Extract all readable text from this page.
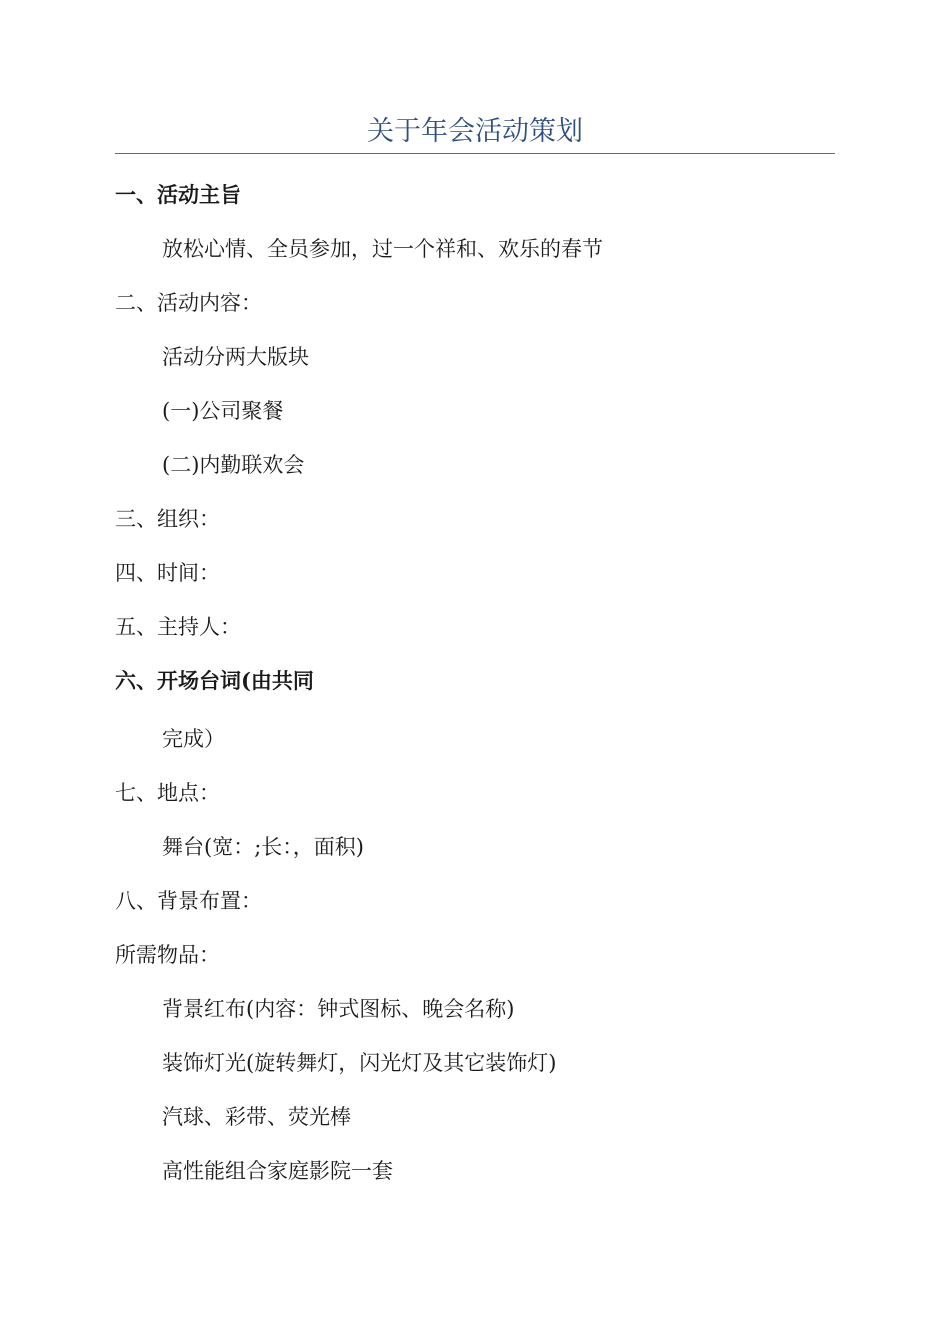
关于年会活动策划
一、活动主旨
放松心情、全员参加，过一个祥和、欢乐的春节
二、活动内容：
活动分两大版块
(一)公司聚餐
(二)内勤联欢会
三、组织：
四、时间：
五、主持人：
六、开场台词(由共同
完成）
七、地点：
舞台(宽：;长：，面积)
八、背景布置：
所需物品：
背景红布(内容：钟式图标、晚会名称)
装饰灯光(旋转舞灯，闪光灯及其它装饰灯)
汽球、彩带、荧光棒
高性能组合家庭影院一套
